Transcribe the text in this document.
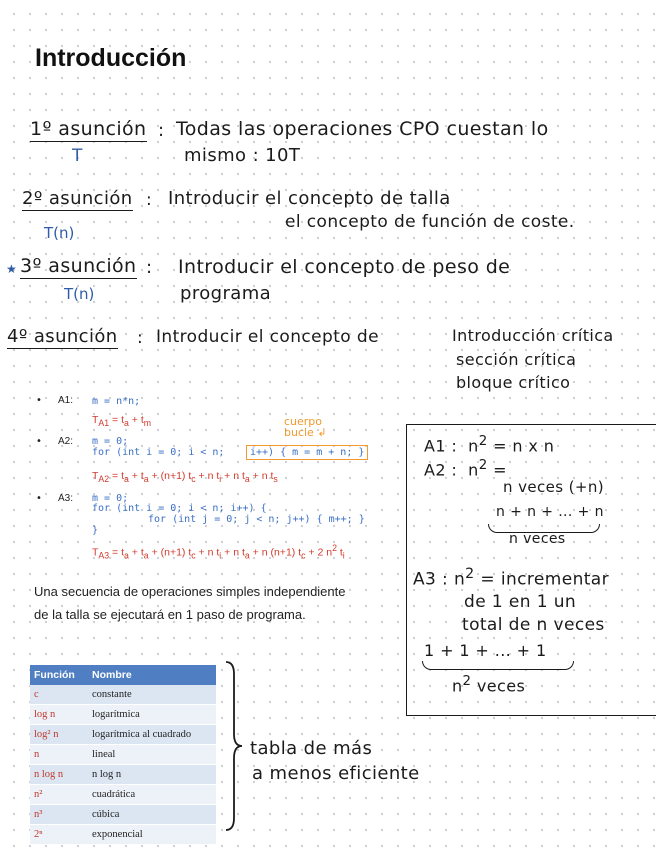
Introducción
1º asunción
T
: Todas las operaciones CPO cuestan lo
mismo : 10T
2º asunción
T(n)
: Introducir el concepto de talla
el concepto de función de coste.
★ 3º asunción
T(n)
: Introducir el concepto de peso de
programa
4º asunción : Introducir el concepto de	Introducción crítica
sección crítica
bloque crítico
• A1: m = n*n;
$T_{A1} = t_a + t_m$
• A2: m = 0;
for (int i = 0; i < n;	i++) { m = m + n; }
cuerpo
bucle ↲
$T_{A2} = t_a + t_a + (n+1) t_c + n$ $t_i + n$ $t_a + n$ $t_s$
• A3: m = 0;
for (int i = 0; i < n; i++) {
for (int j = 0; j < n; j++) { m++; }
}
$T_{A3} = t_a + t_a + (n+1) t_c + n$ $t_i + n$ $t_a + n$ (n+1) $t_c + 2$ $n^2$ $t_i$
Una secuencia de operaciones simples independiente
de la talla se ejecutará en 1 paso de programa.
A1 :  $n^2 = n$ x n
A2 :  $n^2$ =
n veces (+n)
n + n + ... + n
n veces
A3 : $n^2$ = incrementar
de 1 en 1 un
total de n veces
1 + 1 + ... + 1
$n^2$ veces
Función	Nombre
c	constante
log n	logarítmica
log² n	logarítmica al cuadrado
n	lineal
n log n	n log n
n²	cuadrática
n³	cúbica
2ⁿ	exponencial
tabla de más
a menos eficiente
